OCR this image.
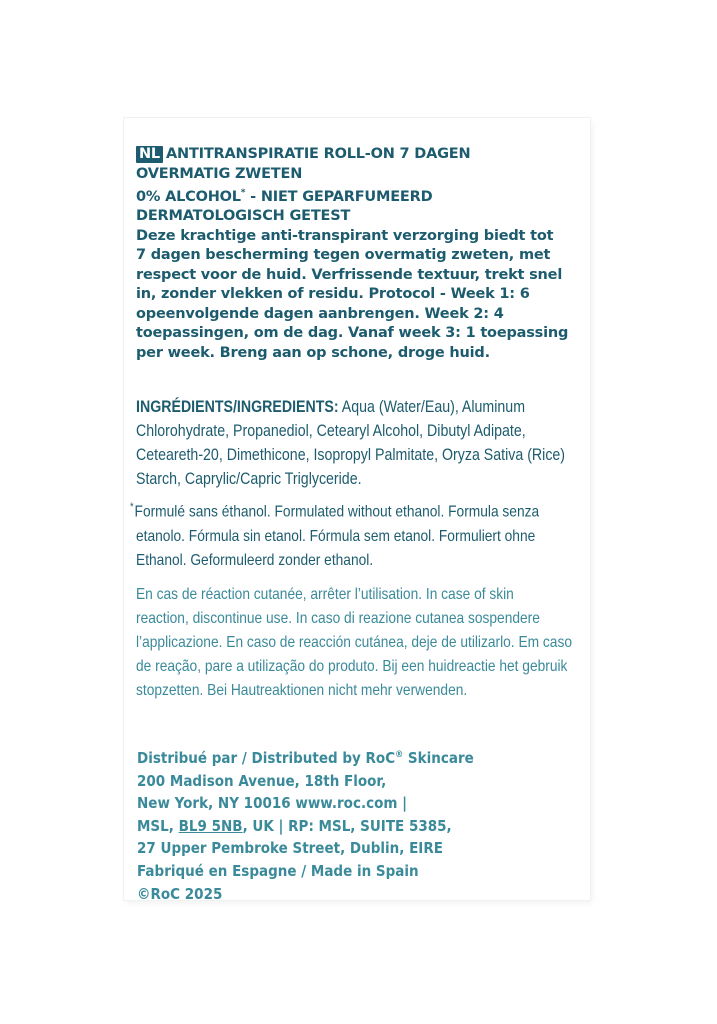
NL ANTITRANSPIRATIE ROLL-ON 7 DAGEN
OVERMATIG ZWETEN
0% ALCOHOL* - NIET GEPARFUMEERD
DERMATOLOGISCH GETEST
Deze krachtige anti-transpirant verzorging biedt tot
7 dagen bescherming tegen overmatig zweten, met
respect voor de huid. Verfrissende textuur, trekt snel
in, zonder vlekken of residu. Protocol - Week 1: 6
opeenvolgende dagen aanbrengen. Week 2: 4
toepassingen, om de dag. Vanaf week 3: 1 toepassing
per week. Breng aan op schone, droge huid.
INGRÉDIENTS/INGREDIENTS: Aqua (Water/Eau), Aluminum
Chlorohydrate, Propanediol, Cetearyl Alcohol, Dibutyl Adipate,
Ceteareth-20, Dimethicone, Isopropyl Palmitate, Oryza Sativa (Rice)
Starch, Caprylic/Capric Triglyceride.
*Formulé sans éthanol. Formulated without ethanol. Formula senza
etanolo. Fórmula sin etanol. Fórmula sem etanol. Formuliert ohne
Ethanol. Geformuleerd zonder ethanol.
En cas de réaction cutanée, arrêter l’utilisation. In case of skin
reaction, discontinue use. In caso di reazione cutanea sospendere
l’applicazione. En caso de reacción cutánea, deje de utilizarlo. Em caso
de reação, pare a utilização do produto. Bij een huidreactie het gebruik
stopzetten. Bei Hautreaktionen nicht mehr verwenden.
Distribué par / Distributed by RoC® Skincare
200 Madison Avenue, 18th Floor,
New York, NY 10016 www.roc.com |
MSL, BL9 5NB, UK | RP: MSL, SUITE 5385,
27 Upper Pembroke Street, Dublin, EIRE
Fabriqué en Espagne / Made in Spain
©RoC 2025
